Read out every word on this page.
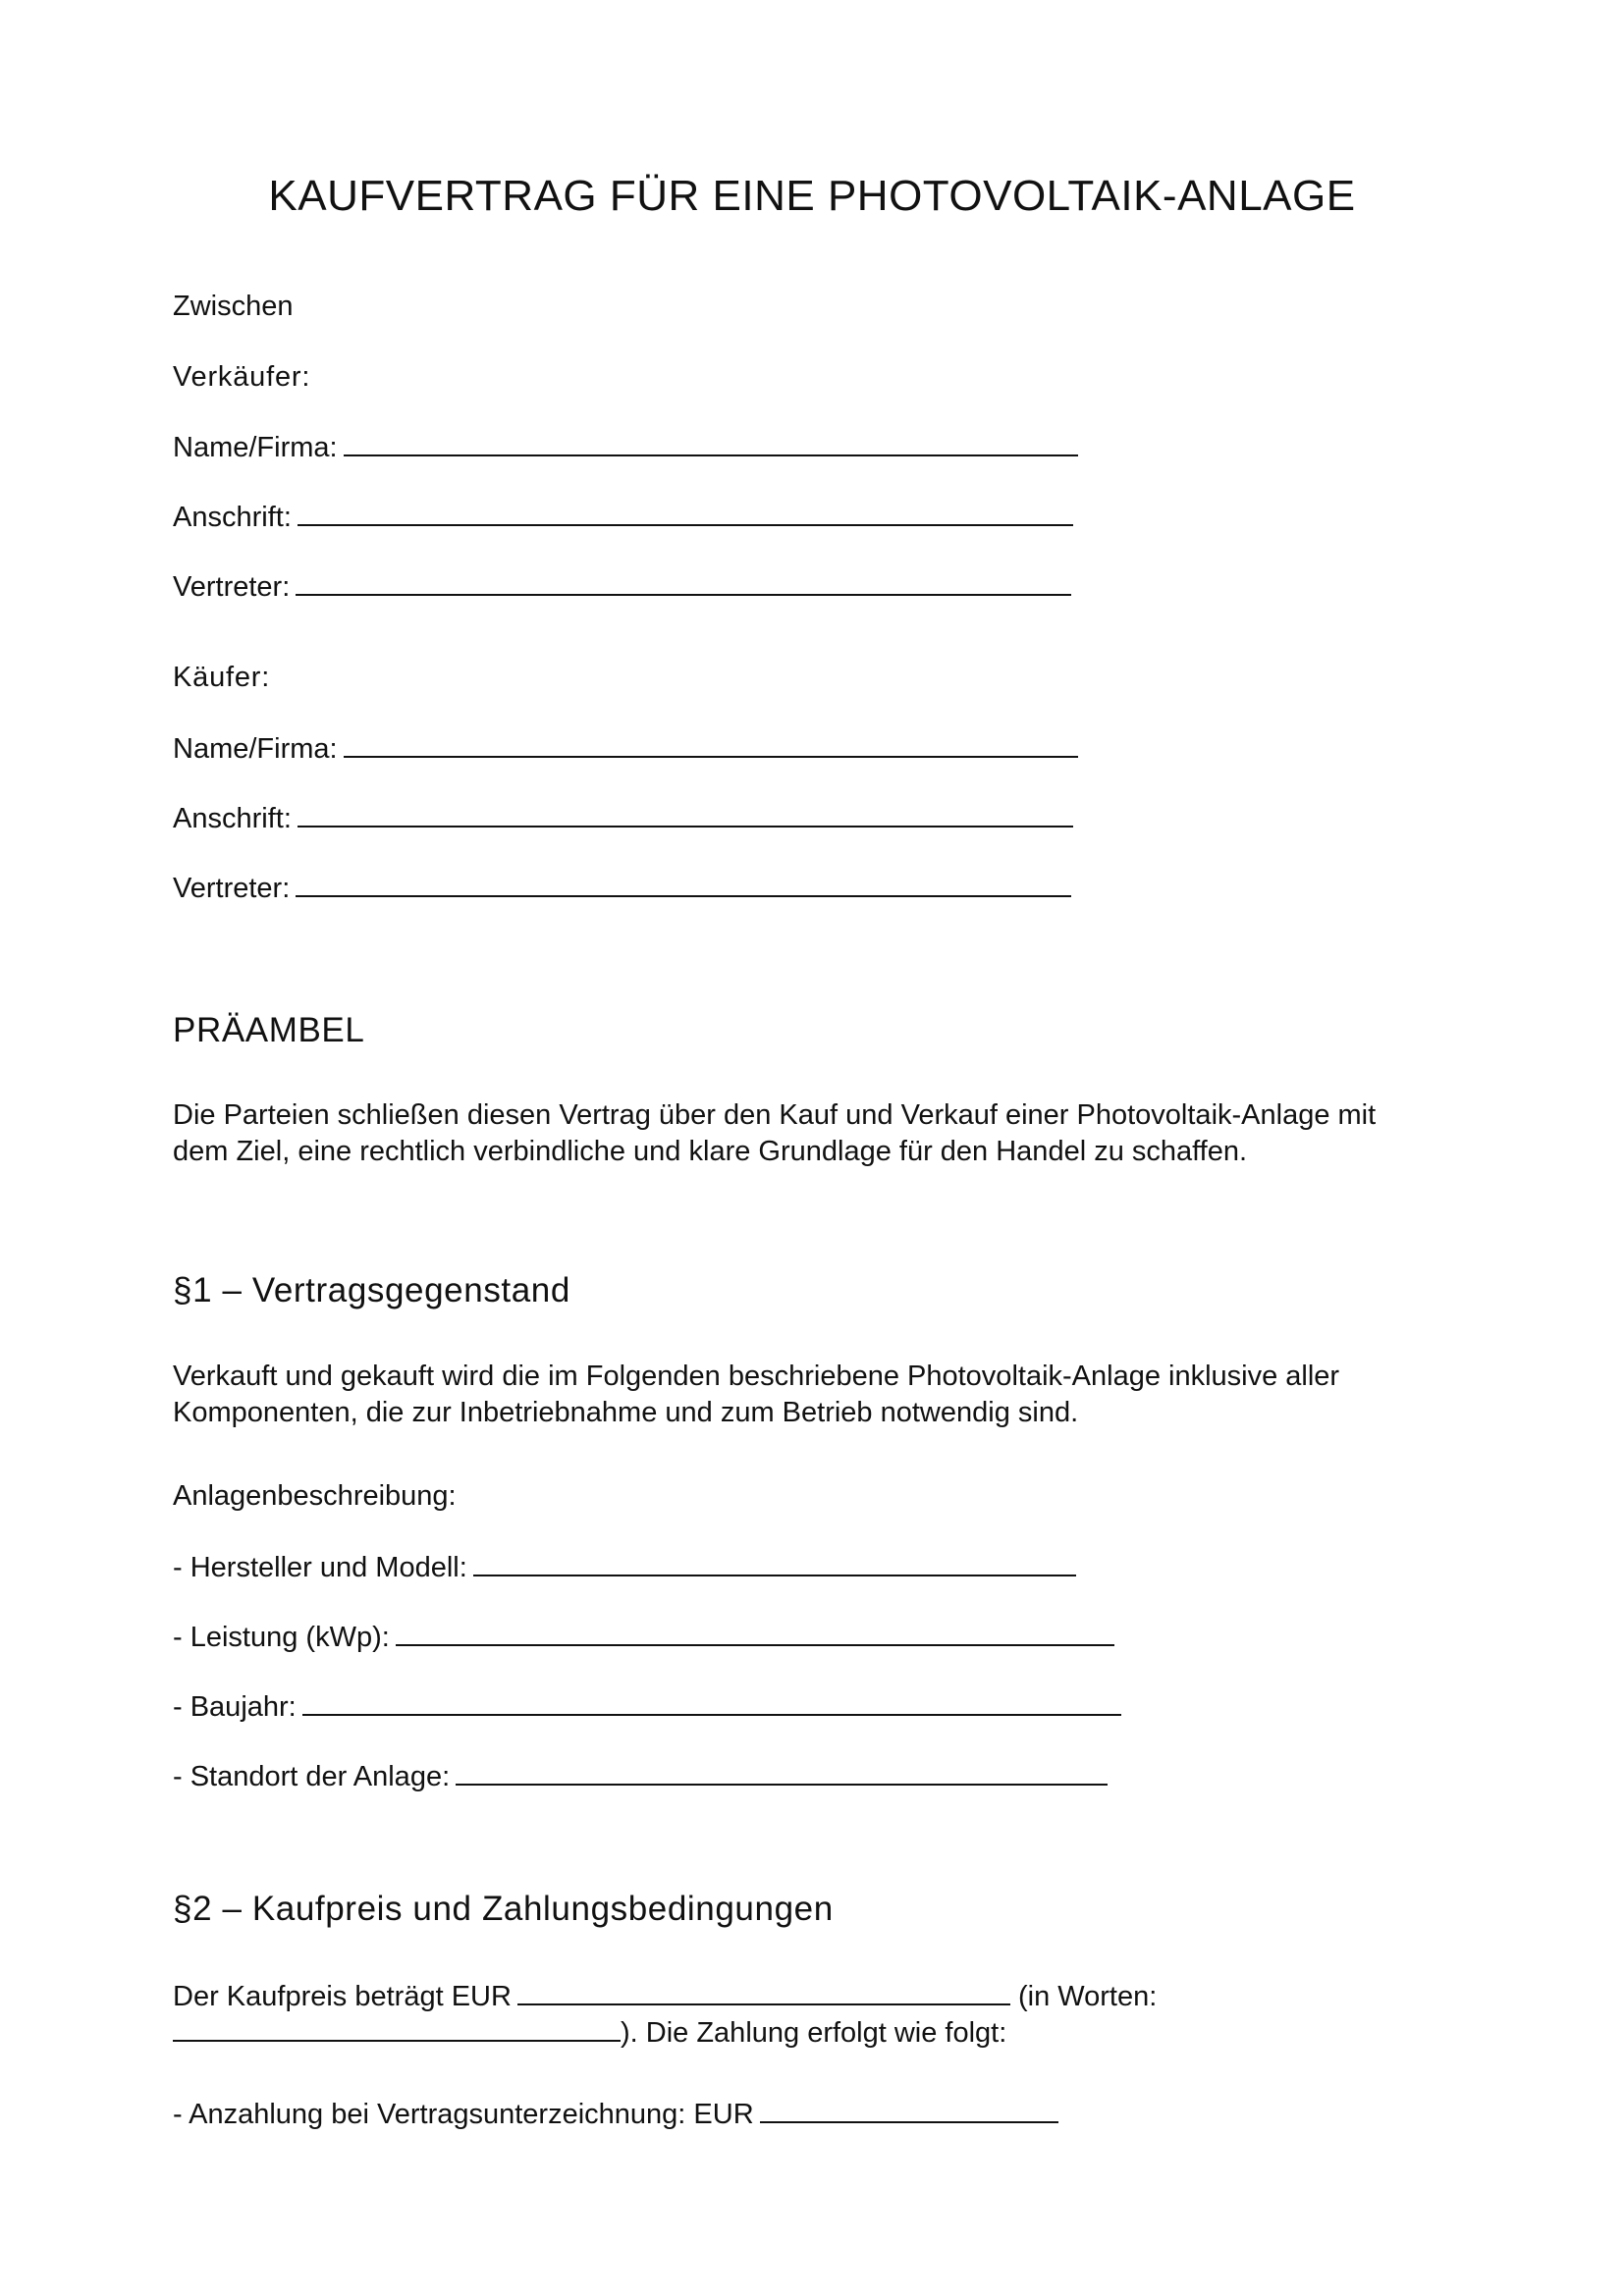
KAUFVERTRAG FÜR EINE PHOTOVOLTAIK-ANLAGE
Zwischen
Verkäufer:
Name/Firma:
Anschrift:
Vertreter:
Käufer:
Name/Firma:
Anschrift:
Vertreter:
PRÄAMBEL
Die Parteien schließen diesen Vertrag über den Kauf und Verkauf einer Photovoltaik-Anlage mit
dem Ziel, eine rechtlich verbindliche und klare Grundlage für den Handel zu schaffen.
§1 – Vertragsgegenstand
Verkauft und gekauft wird die im Folgenden beschriebene Photovoltaik-Anlage inklusive aller
Komponenten, die zur Inbetriebnahme und zum Betrieb notwendig sind.
Anlagenbeschreibung:
- Hersteller und Modell:
- Leistung (kWp):
- Baujahr:
- Standort der Anlage:
§2 – Kaufpreis und Zahlungsbedingungen
Der Kaufpreis beträgt EUR	(in Worten:
). Die Zahlung erfolgt wie folgt:
- Anzahlung bei Vertragsunterzeichnung: EUR
